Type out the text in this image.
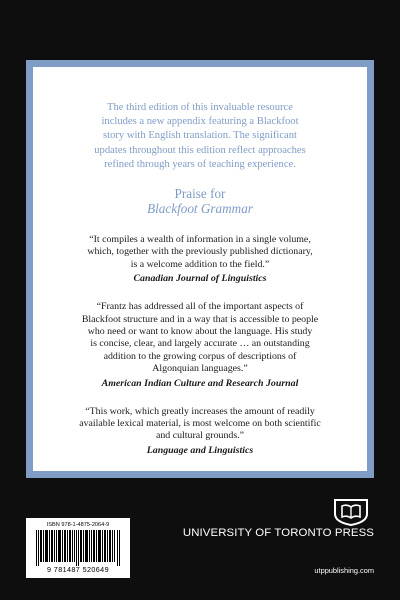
The third edition of this invaluable resource
includes a new appendix featuring a Blackfoot
story with English translation. The significant
updates throughout this edition reflect approaches
refined through years of teaching experience.

Praise for
Blackfoot Grammar

“It compiles a wealth of information in a single volume,
which, together with the previously published dictionary,
is a welcome addition to the field.”

Canadian Journal of Linguistics

“Frantz has addressed all of the important aspects of
Blackfoot structure and in a way that is accessible to people
who need or want to know about the language. His study
is concise, clear, and largely accurate … an outstanding
addition to the growing corpus of descriptions of
Algonquian languages.”

American Indian Culture and Research Journal

“This work, which greatly increases the amount of readily
available lexical material, is most welcome on both scientific
and cultural grounds.”

Language and Linguistics

ISBN 978-1-4875-2064-9

9 781487 520649

UNIVERSITY OF TORONTO PRESS

utppublishing.com
